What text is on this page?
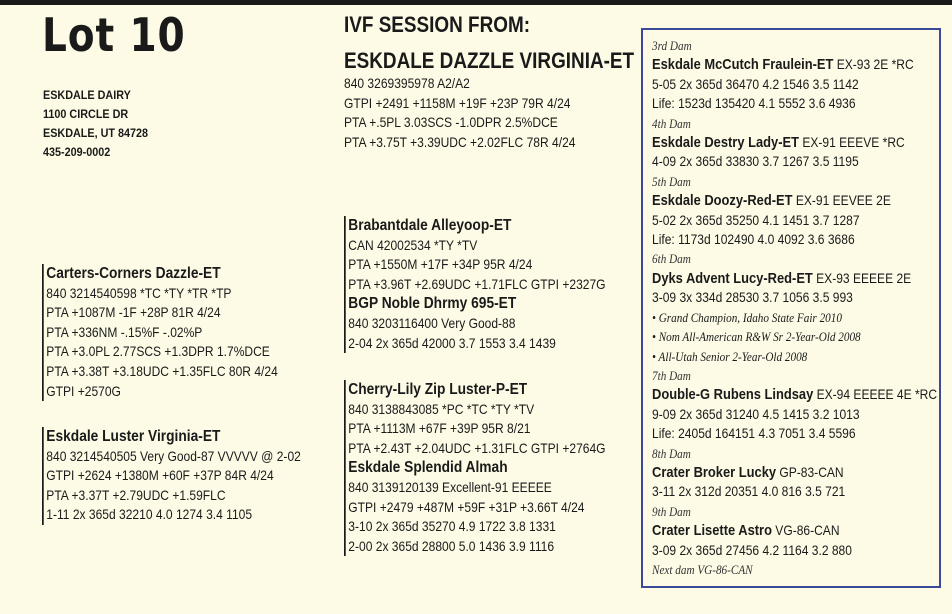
Lot 10
ESKDALE DAIRY
1100 CIRCLE DR
ESKDALE, UT 84728
435-209-0002
IVF SESSION FROM:
ESKDALE DAZZLE VIRGINIA-ET
840 3269395978 A2/A2
GTPI +2491 +1158M +19F +23P 79R 4/24
PTA +.5PL 3.03SCS -1.0DPR 2.5%DCE
PTA +3.75T +3.39UDC +2.02FLC 78R 4/24
Carters-Corners Dazzle-ET
840 3214540598 *TC *TY *TR *TP
PTA +1087M -1F +28P 81R 4/24
PTA +336NM -.15%F -.02%P
PTA +3.0PL 2.77SCS +1.3DPR 1.7%DCE
PTA +3.38T +3.18UDC +1.35FLC 80R 4/24
GTPI +2570G
Eskdale Luster Virginia-ET
840 3214540505 Very Good-87 VVVVV @ 2-02
GTPI +2624 +1380M +60F +37P 84R 4/24
PTA +3.37T +2.79UDC +1.59FLC
1-11 2x 365d 32210 4.0 1274 3.4 1105
Brabantdale Alleyoop-ET
CAN 42002534 *TY *TV
PTA +1550M +17F +34P 95R 4/24
PTA +3.96T +2.69UDC +1.71FLC GTPI +2327G
BGP Noble Dhrmy 695-ET
840 3203116400 Very Good-88
2-04 2x 365d 42000 3.7 1553 3.4 1439
Cherry-Lily Zip Luster-P-ET
840 3138843085 *PC *TC *TY *TV
PTA +1113M +67F +39P 95R 8/21
PTA +2.43T +2.04UDC +1.31FLC GTPI +2764G
Eskdale Splendid Almah
840 3139120139 Excellent-91 EEEEE
GTPI +2479 +487M +59F +31P +3.66T 4/24
3-10 2x 365d 35270 4.9 1722 3.8 1331
2-00 2x 365d 28800 5.0 1436 3.9 1116
3rd Dam
Eskdale McCutch Fraulein-ET EX-93 2E *RC
5-05 2x 365d 36470 4.2 1546 3.5 1142
Life: 1523d 135420 4.1 5552 3.6 4936
4th Dam
Eskdale Destry Lady-ET EX-91 EEEVE *RC
4-09 2x 365d 33830 3.7 1267 3.5 1195
5th Dam
Eskdale Doozy-Red-ET EX-91 EEVEE 2E
5-02 2x 365d 35250 4.1 1451 3.7 1287
Life: 1173d 102490 4.0 4092 3.6 3686
6th Dam
Dyks Advent Lucy-Red-ET EX-93 EEEEE 2E
3-09 3x 334d 28530 3.7 1056 3.5 993
• Grand Champion, Idaho State Fair 2010
• Nom All-American R&W Sr 2-Year-Old 2008
• All-Utah Senior 2-Year-Old 2008
7th Dam
Double-G Rubens Lindsay EX-94 EEEEE 4E *RC
9-09 2x 365d 31240 4.5 1415 3.2 1013
Life: 2405d 164151 4.3 7051 3.4 5596
8th Dam
Crater Broker Lucky GP-83-CAN
3-11 2x 312d 20351 4.0 816 3.5 721
9th Dam
Crater Lisette Astro VG-86-CAN
3-09 2x 365d 27456 4.2 1164 3.2 880
Next dam VG-86-CAN
